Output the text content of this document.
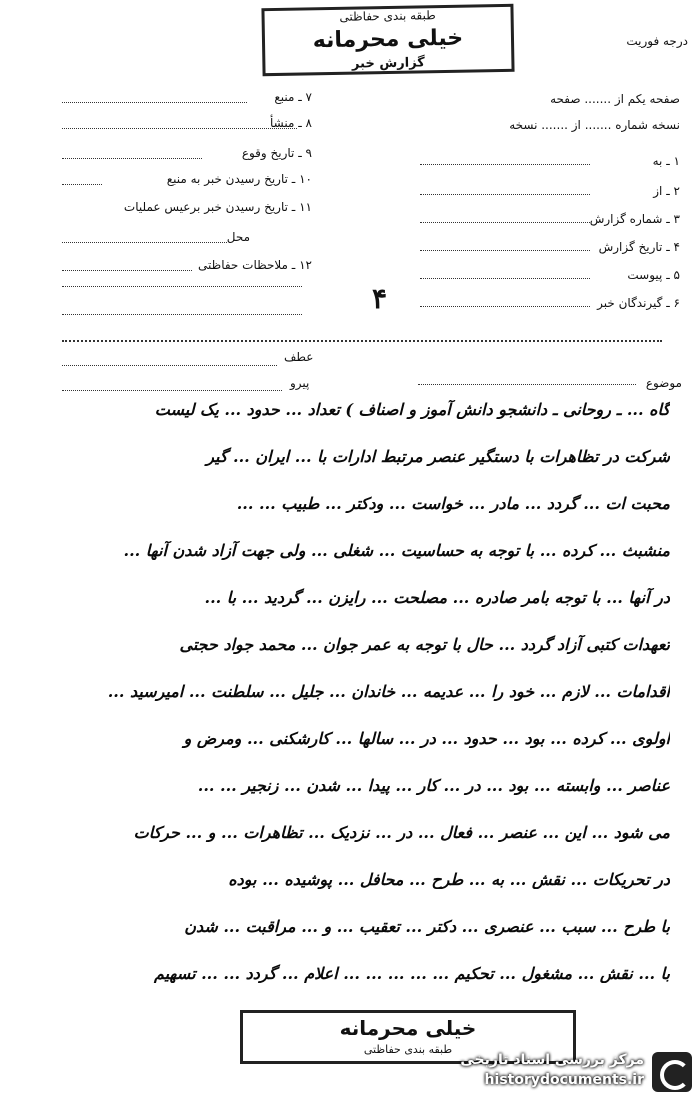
طبقه بندی حفاظتی
خیلی محرمانه
گزارش خبر
درجه فوریت
صفحه یکم از ....... صفحه
نسخه شماره ....... از ....... نسخه
۱ ـ به
۲ ـ از
۳ ـ شماره گزارش
۴ ـ تاریخ گزارش
۵ ـ پیوست
۶ ـ گیرندگان خبر
۷ ـ منبع
۸ ـ منشأ
۹ ـ تاریخ وقوع
۱۰ ـ تاریخ رسیدن خبر به منبع
۱۱ ـ تاریخ رسیدن خبر برعیس عملیات
محل
۱۲ ـ ملاحظات حفاظتی
۴
عطف
پیرو	موضوع
گاه ... ـ روحانی ـ دانشجو دانش آموز و اصناف ) تعداد ... حدود ... یک لیست
شرکت در تظاهرات با دستگیر عنصر مرتبط ادارات با ... ایران ... گیر
محبت ات ... گردد ... مادر ... خواست ... ودکتر ... طبیب ... ...
منشبث ... کرده ... با توجه به حساسیت ... شغلی ... ولی جهت آزاد شدن آنها ...
در آنها ... با توجه بامر صادره ... مصلحت ... رایزن ... گردید ... با ...
تعهدات کتبی آزاد گردد ... حال با توجه به عمر جوان ... محمد جواد حجتی
اقدامات ... لازم ... خود را ... عدیمه ... خاندان ... جلیل ... سلطنت ... امیرسید ...
اولوی ... کرده ... بود ... حدود ... در ... سالها ... کارشکنی ... ومرض و
عناصر ... وابسته ... بود ... در ... کار ... پیدا ... شدن ... زنجیر ... ...
می شود ... این ... عنصر ... فعال ... در ... نزدیک ... تظاهرات ... و ... حرکات
در تحریکات ... نقش ... به ... طرح ... محافل ... پوشیده ... بوده
با طرح ... سبب ... عنصری ... دکتر ... تعقیب ... و ... مراقبت ... شدن
با ... نقش ... مشغول ... تحکیم ... ... ... ... ... اعلام ... گردد ... ... تسهیم
خیلی محرمانه
طبقه بندی حفاظتی
مرکز بررسی اسناد تاریخی
historydocuments.ir
